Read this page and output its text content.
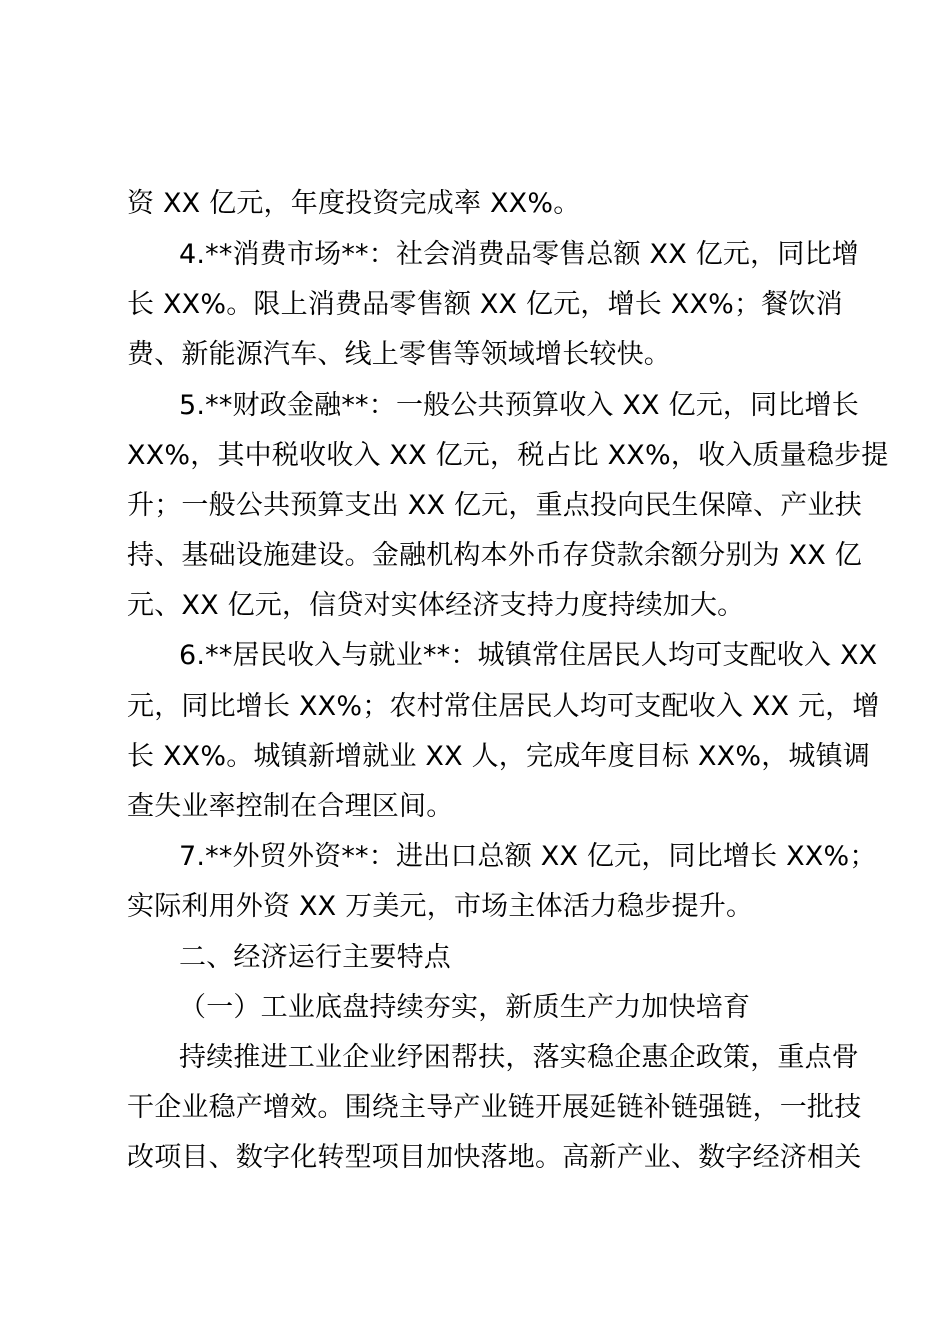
资 XX 亿元，年度投资完成率 XX%。
4.**消费市场**：社会消费品零售总额 XX 亿元，同比增
长 XX%。限上消费品零售额 XX 亿元，增长 XX%；餐饮消
费、新能源汽车、线上零售等领域增长较快。
5.**财政金融**：一般公共预算收入 XX 亿元，同比增长
XX%，其中税收收入 XX 亿元，税占比 XX%，收入质量稳步提
升；一般公共预算支出 XX 亿元，重点投向民生保障、产业扶
持、基础设施建设。金融机构本外币存贷款余额分别为 XX 亿
元、XX 亿元，信贷对实体经济支持力度持续加大。
6.**居民收入与就业**：城镇常住居民人均可支配收入 XX
元，同比增长 XX%；农村常住居民人均可支配收入 XX 元，增
长 XX%。城镇新增就业 XX 人，完成年度目标 XX%，城镇调
查失业率控制在合理区间。
7.**外贸外资**：进出口总额 XX 亿元，同比增长 XX%；
实际利用外资 XX 万美元，市场主体活力稳步提升。
二、经济运行主要特点
（一）工业底盘持续夯实，新质生产力加快培育
持续推进工业企业纾困帮扶，落实稳企惠企政策，重点骨
干企业稳产增效。围绕主导产业链开展延链补链强链，一批技
改项目、数字化转型项目加快落地。高新产业、数字经济相关
